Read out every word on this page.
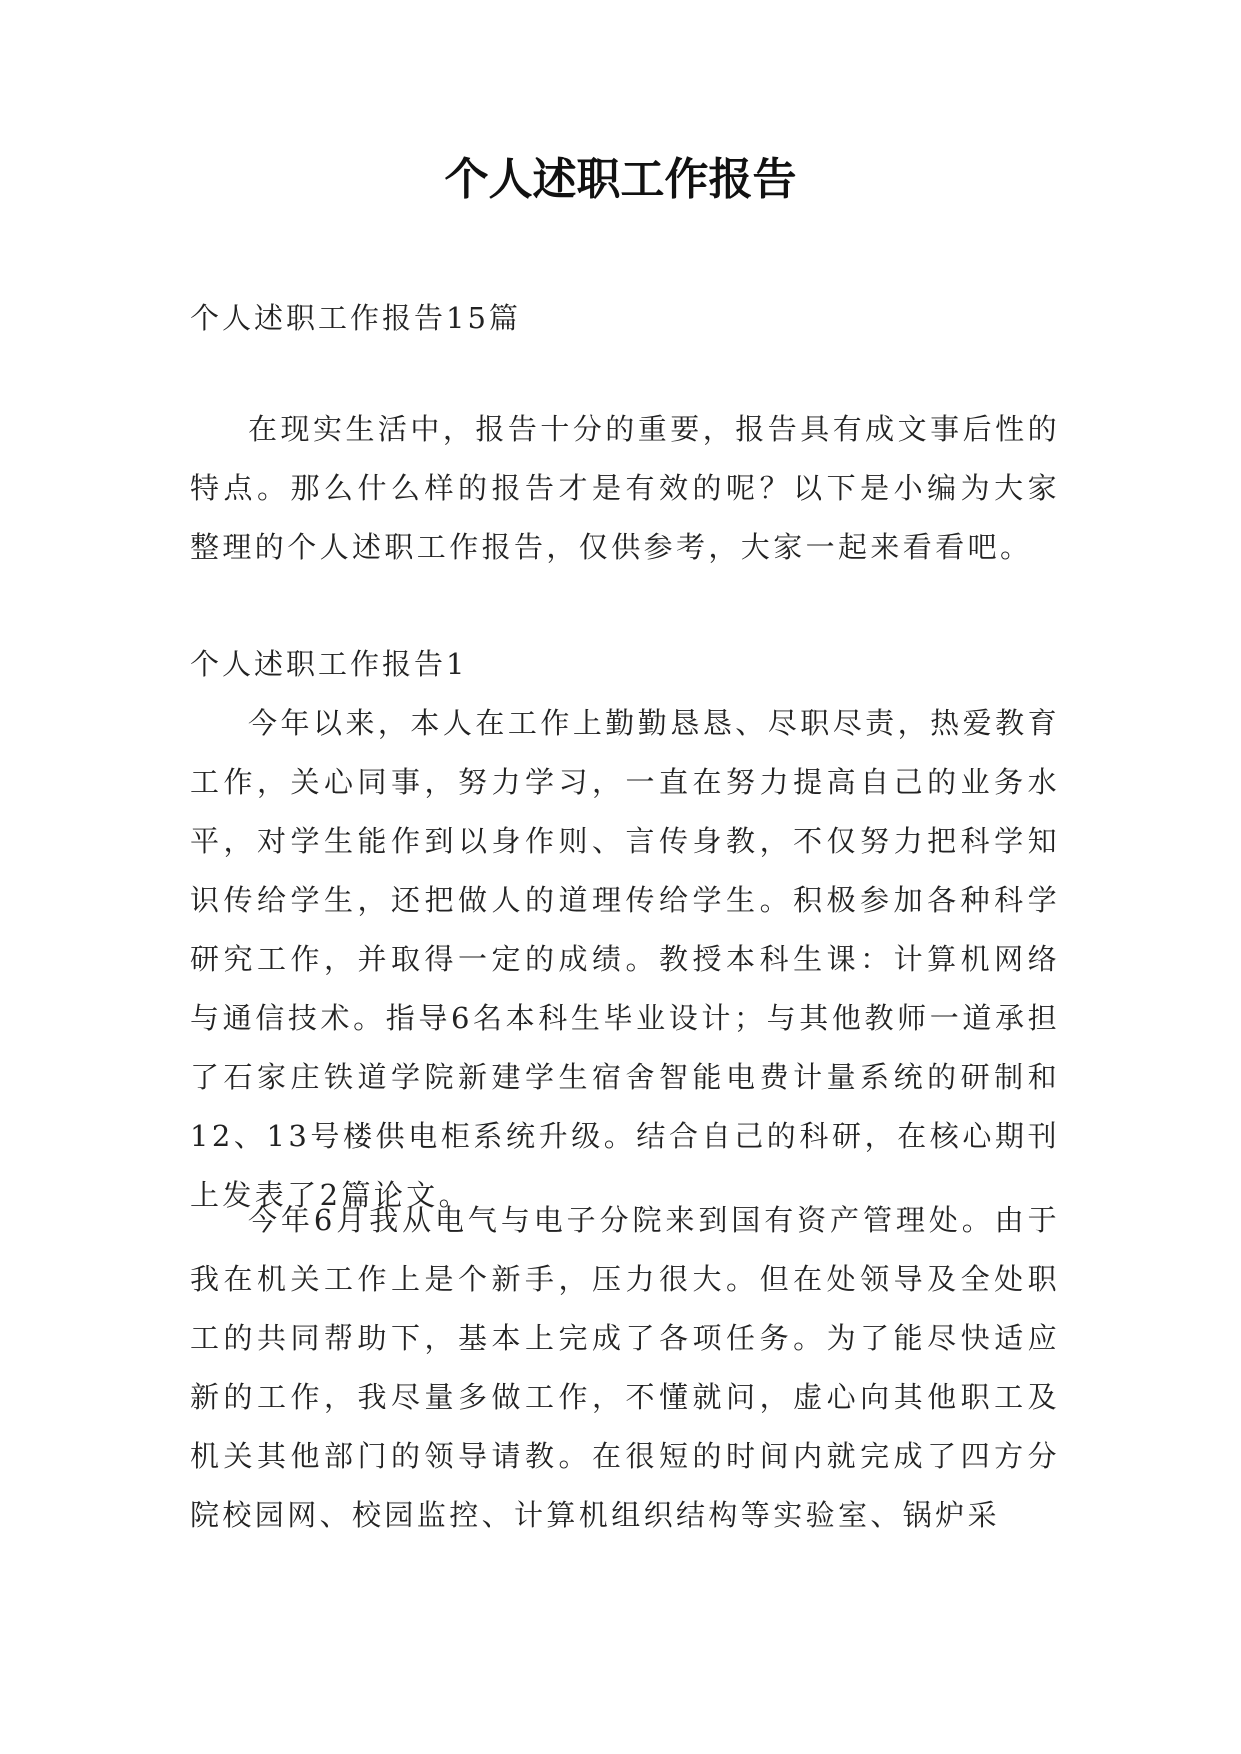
个人述职工作报告

个人述职工作报告15篇

在现实生活中，报告十分的重要，报告具有成文事后性的特点。那么什么样的报告才是有效的呢？以下是小编为大家整理的个人述职工作报告，仅供参考，大家一起来看看吧。

个人述职工作报告1

今年以来，本人在工作上勤勤恳恳、尽职尽责，热爱教育工作，关心同事，努力学习，一直在努力提高自己的业务水平，对学生能作到以身作则、言传身教，不仅努力把科学知识传给学生，还把做人的道理传给学生。积极参加各种科学研究工作，并取得一定的成绩。教授本科生课：计算机网络与通信技术。指导6名本科生毕业设计；与其他教师一道承担了石家庄铁道学院新建学生宿舍智能电费计量系统的研制和12、13号楼供电柜系统升级。结合自己的科研，在核心期刊上发表了2篇论文。

今年6月我从电气与电子分院来到国有资产管理处。由于我在机关工作上是个新手，压力很大。但在处领导及全处职工的共同帮助下，基本上完成了各项任务。为了能尽快适应新的工作，我尽量多做工作，不懂就问，虚心向其他职工及机关其他部门的领导请教。在很短的时间内就完成了四方分院校园网、校园监控、计算机组织结构等实验室、锅炉采
